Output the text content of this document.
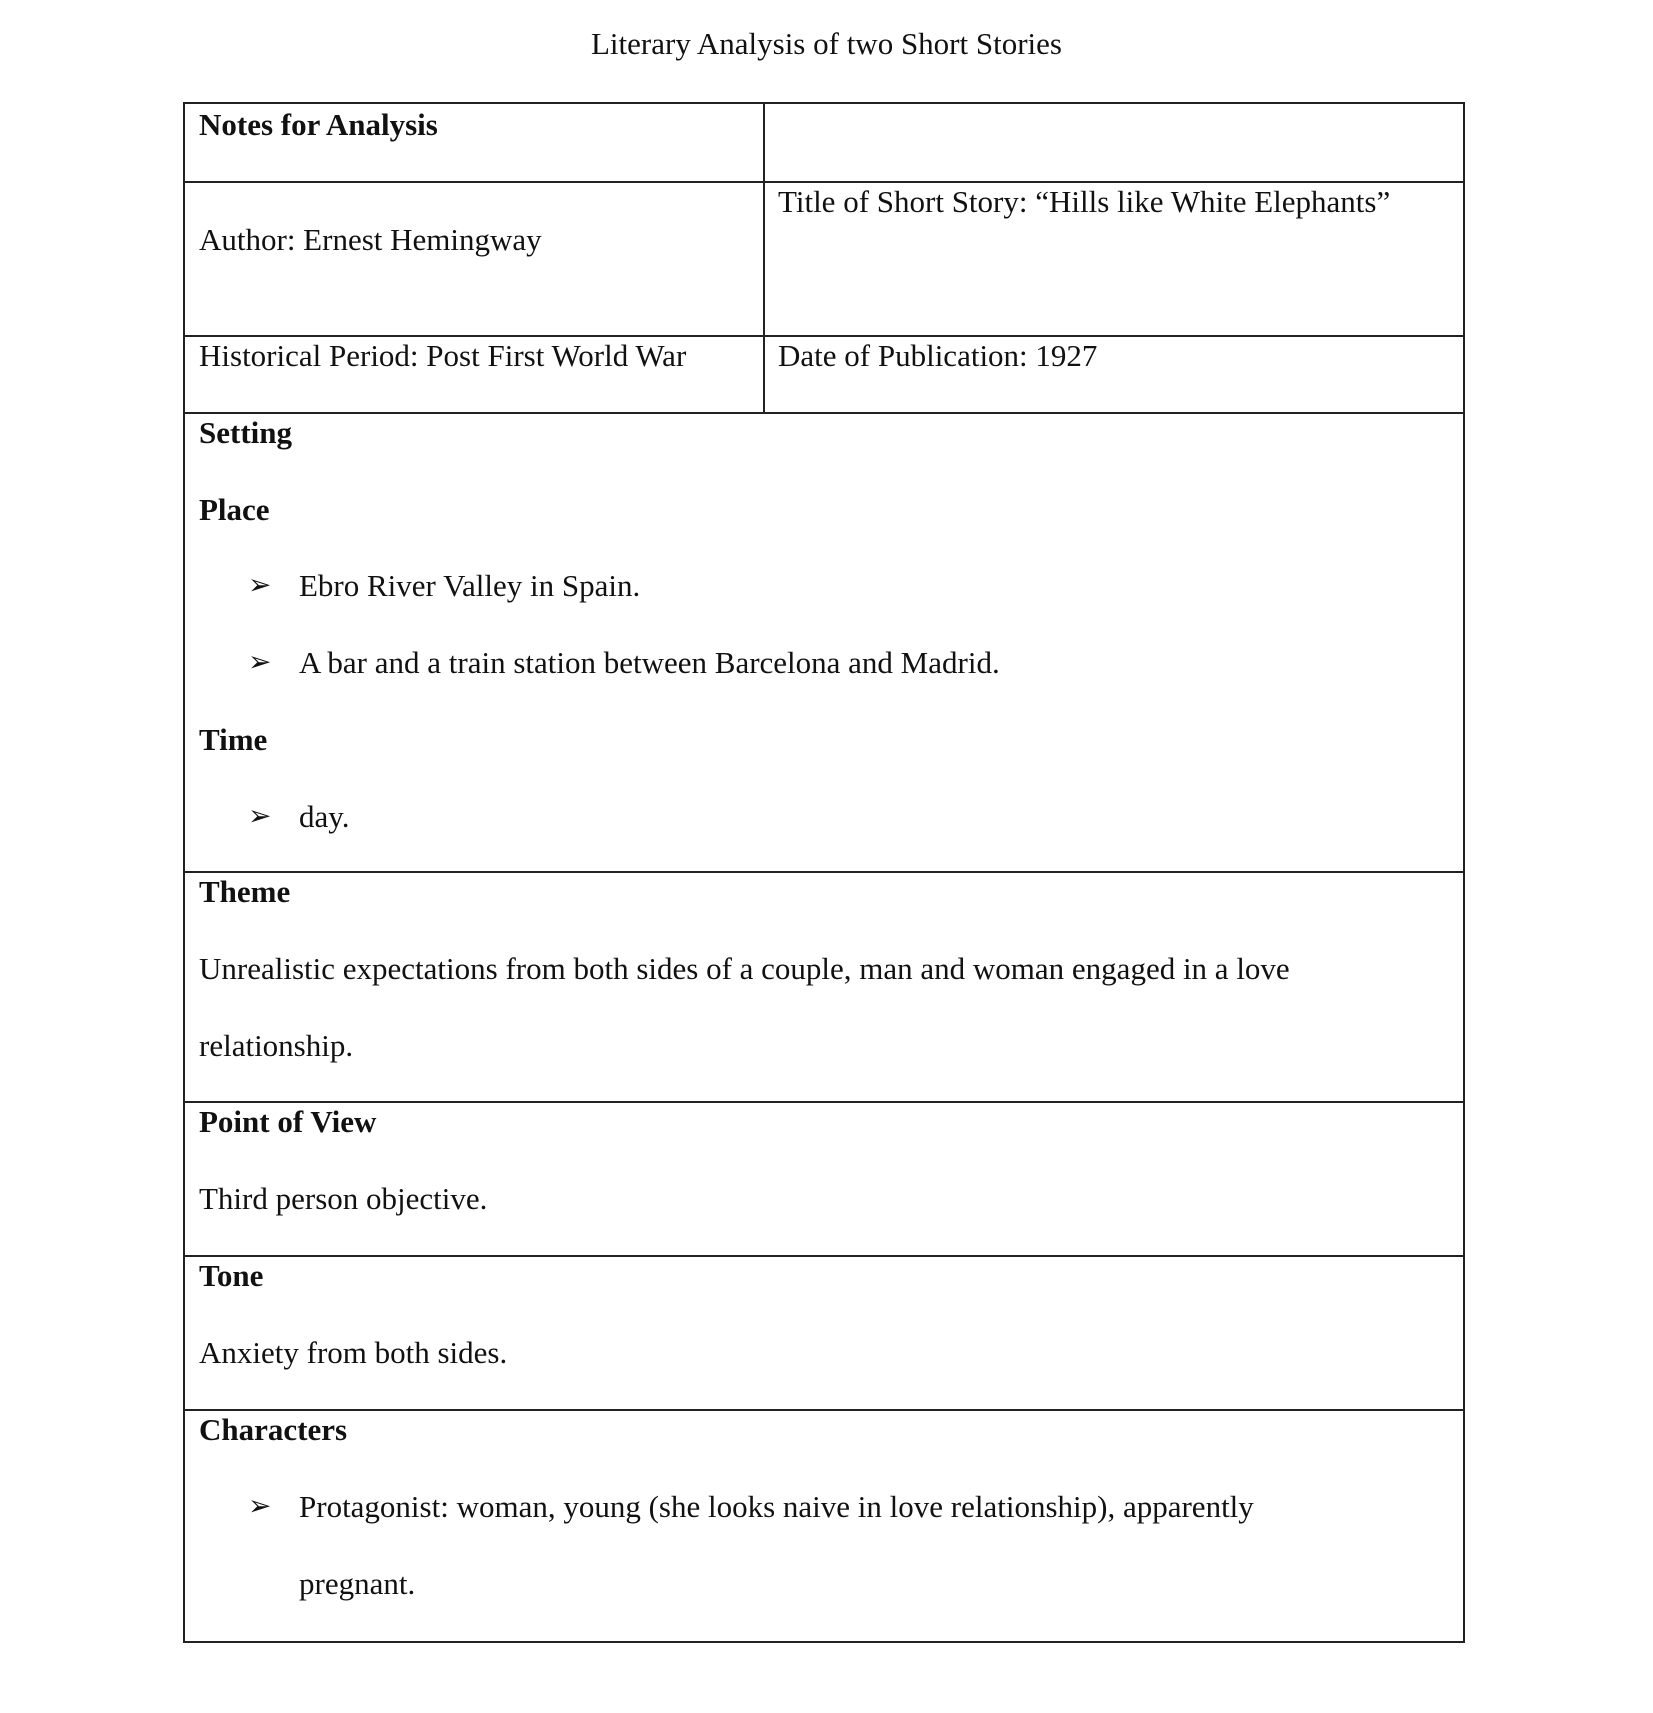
Literary Analysis of two Short Stories
Notes for Analysis
Author: Ernest Hemingway
Title of Short Story: “Hills like White Elephants”
Historical Period: Post First World War	Date of Publication: 1927
Setting
Place
➢ Ebro River Valley in Spain.
➢ A bar and a train station between Barcelona and Madrid.
Time
➢ day.
Theme
Unrealistic expectations from both sides of a couple, man and woman engaged in a love
relationship.
Point of View
Third person objective.
Tone
Anxiety from both sides.
Characters
➢ Protagonist: woman, young (she looks naive in love relationship), apparently
pregnant.
